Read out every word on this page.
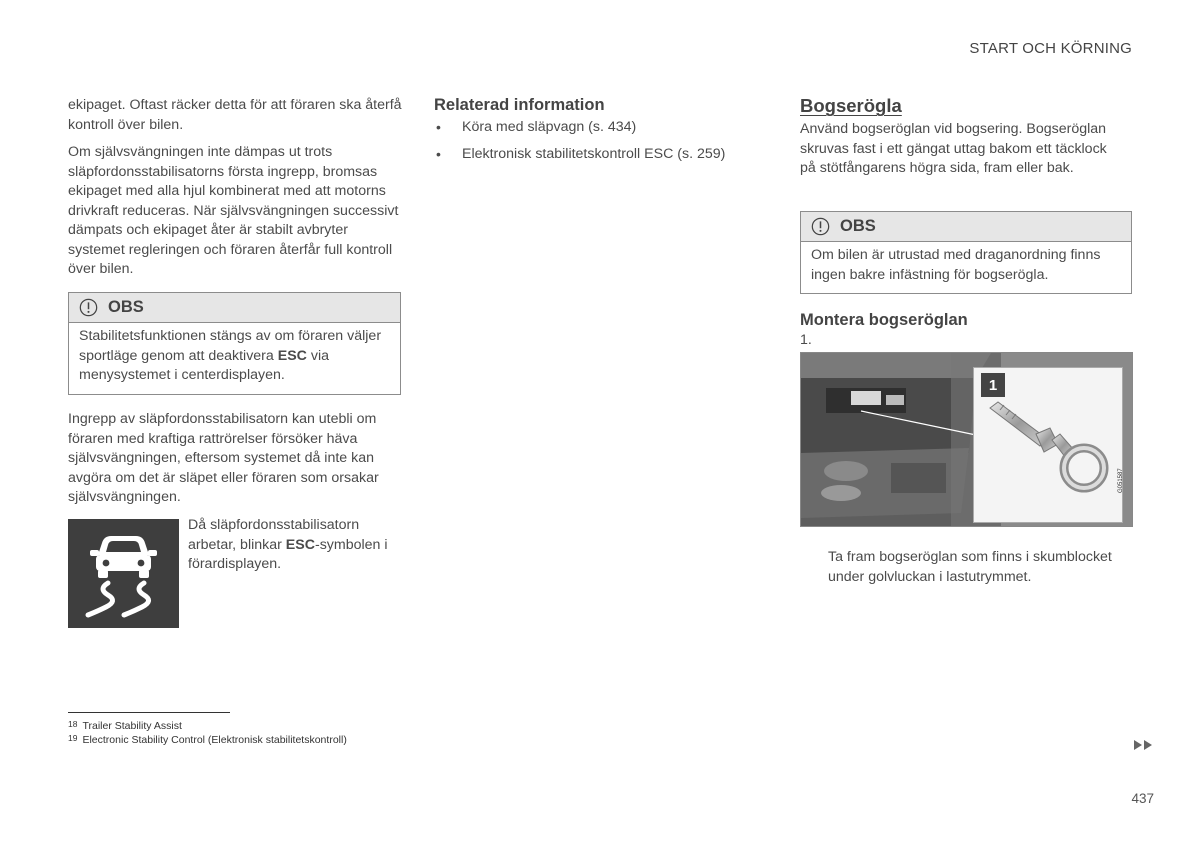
START OCH KÖRNING

ekipaget. Oftast räcker detta för att föraren ska återfå kontroll över bilen.

Om självsvängningen inte dämpas ut trots släpfordonsstabilisatorns första ingrepp, bromsas ekipaget med alla hjul kombinerat med att motorns drivkraft reduceras. När självsvängningen successivt dämpats och ekipaget åter är stabilt avbryter systemet regleringen och föraren återfår full kontroll över bilen.

OBS
Stabilitetsfunktionen stängs av om föraren väljer sportläge genom att deaktivera ESC via menysystemet i centerdisplayen.

Ingrepp av släpfordonsstabilisatorn kan utebli om föraren med kraftiga rattrörelser försöker häva självsvängningen, eftersom systemet då inte kan avgöra om det är släpet eller föraren som orsakar självsvängningen.

Då släpfordonsstabilisatorn arbetar, blinkar ESC-symbolen i förardisplayen.

Relaterad information
• Köra med släpvagn (s. 434)
• Elektronisk stabilitetskontroll ESC (s. 259)
Bogserögla

Använd bogseröglan vid bogsering. Bogseröglan skruvas fast i ett gängat uttag bakom ett täcklock på stötfångarens högra sida, fram eller bak.

OBS
Om bilen är utrustad med draganordning finns ingen bakre infästning för bogserögla.
Montera bogseröglan
1.
1
G051587

Ta fram bogseröglan som finns i skumblocket under golvluckan i lastutrymmet.

18 Trailer Stability Assist
19 Electronic Stability Control (Elektronisk stabilitetskontroll)
437
